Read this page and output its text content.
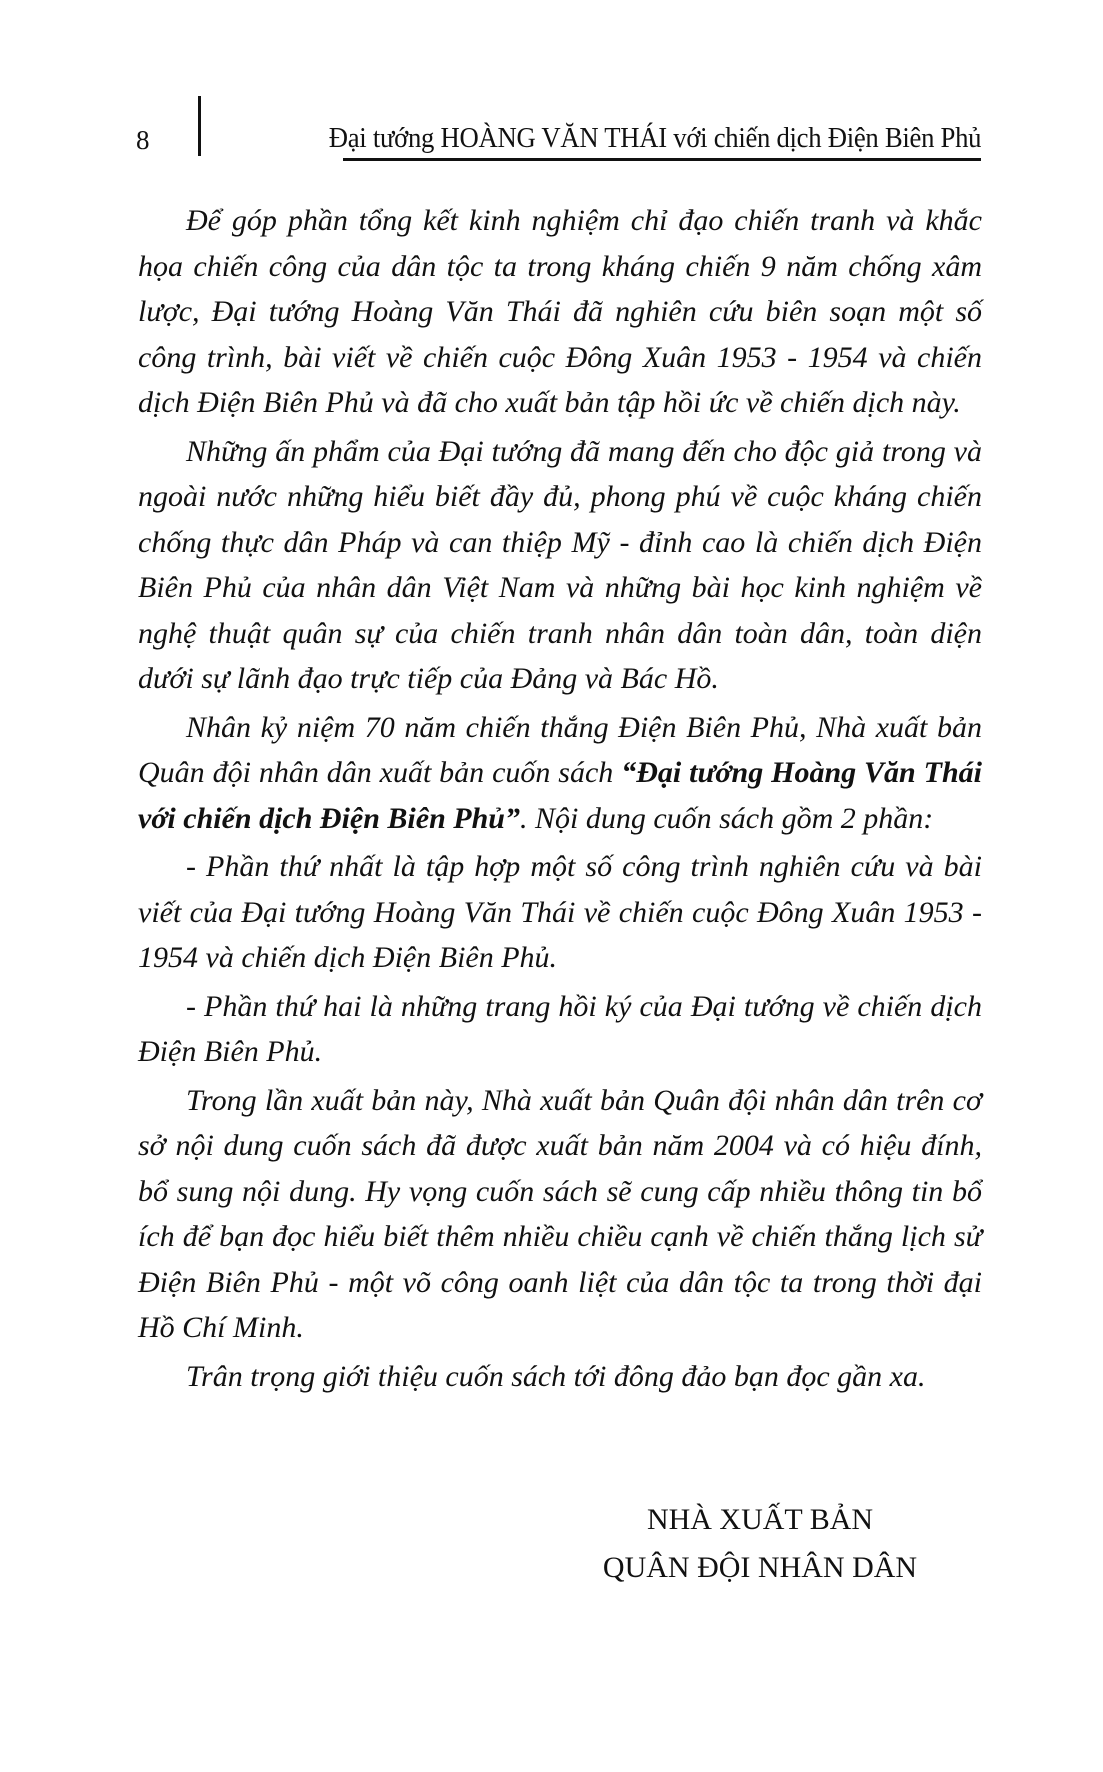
8	Đại tướng HOÀNG VĂN THÁI với chiến dịch Điện Biên Phủ

Để góp phần tổng kết kinh nghiệm chỉ đạo chiến tranh và khắc họa chiến công của dân tộc ta trong kháng chiến 9 năm chống xâm lược, Đại tướng Hoàng Văn Thái đã nghiên cứu biên soạn một số công trình, bài viết về chiến cuộc Đông Xuân 1953 - 1954 và chiến dịch Điện Biên Phủ và đã cho xuất bản tập hồi ức về chiến dịch này.

Những ấn phẩm của Đại tướng đã mang đến cho độc giả trong và ngoài nước những hiểu biết đầy đủ, phong phú về cuộc kháng chiến chống thực dân Pháp và can thiệp Mỹ - đỉnh cao là chiến dịch Điện Biên Phủ của nhân dân Việt Nam và những bài học kinh nghiệm về nghệ thuật quân sự của chiến tranh nhân dân toàn dân, toàn diện dưới sự lãnh đạo trực tiếp của Đảng và Bác Hồ.

Nhân kỷ niệm 70 năm chiến thắng Điện Biên Phủ, Nhà xuất bản Quân đội nhân dân xuất bản cuốn sách “Đại tướng Hoàng Văn Thái với chiến dịch Điện Biên Phủ”. Nội dung cuốn sách gồm 2 phần:

- Phần thứ nhất là tập hợp một số công trình nghiên cứu và bài viết của Đại tướng Hoàng Văn Thái về chiến cuộc Đông Xuân 1953 - 1954 và chiến dịch Điện Biên Phủ.

- Phần thứ hai là những trang hồi ký của Đại tướng về chiến dịch Điện Biên Phủ.

Trong lần xuất bản này, Nhà xuất bản Quân đội nhân dân trên cơ sở nội dung cuốn sách đã được xuất bản năm 2004 và có hiệu đính, bổ sung nội dung. Hy vọng cuốn sách sẽ cung cấp nhiều thông tin bổ ích để bạn đọc hiểu biết thêm nhiều chiều cạnh về chiến thắng lịch sử Điện Biên Phủ - một võ công oanh liệt của dân tộc ta trong thời đại Hồ Chí Minh.

Trân trọng giới thiệu cuốn sách tới đông đảo bạn đọc gần xa.

NHÀ XUẤT BẢN
QUÂN ĐỘI NHÂN DÂN
